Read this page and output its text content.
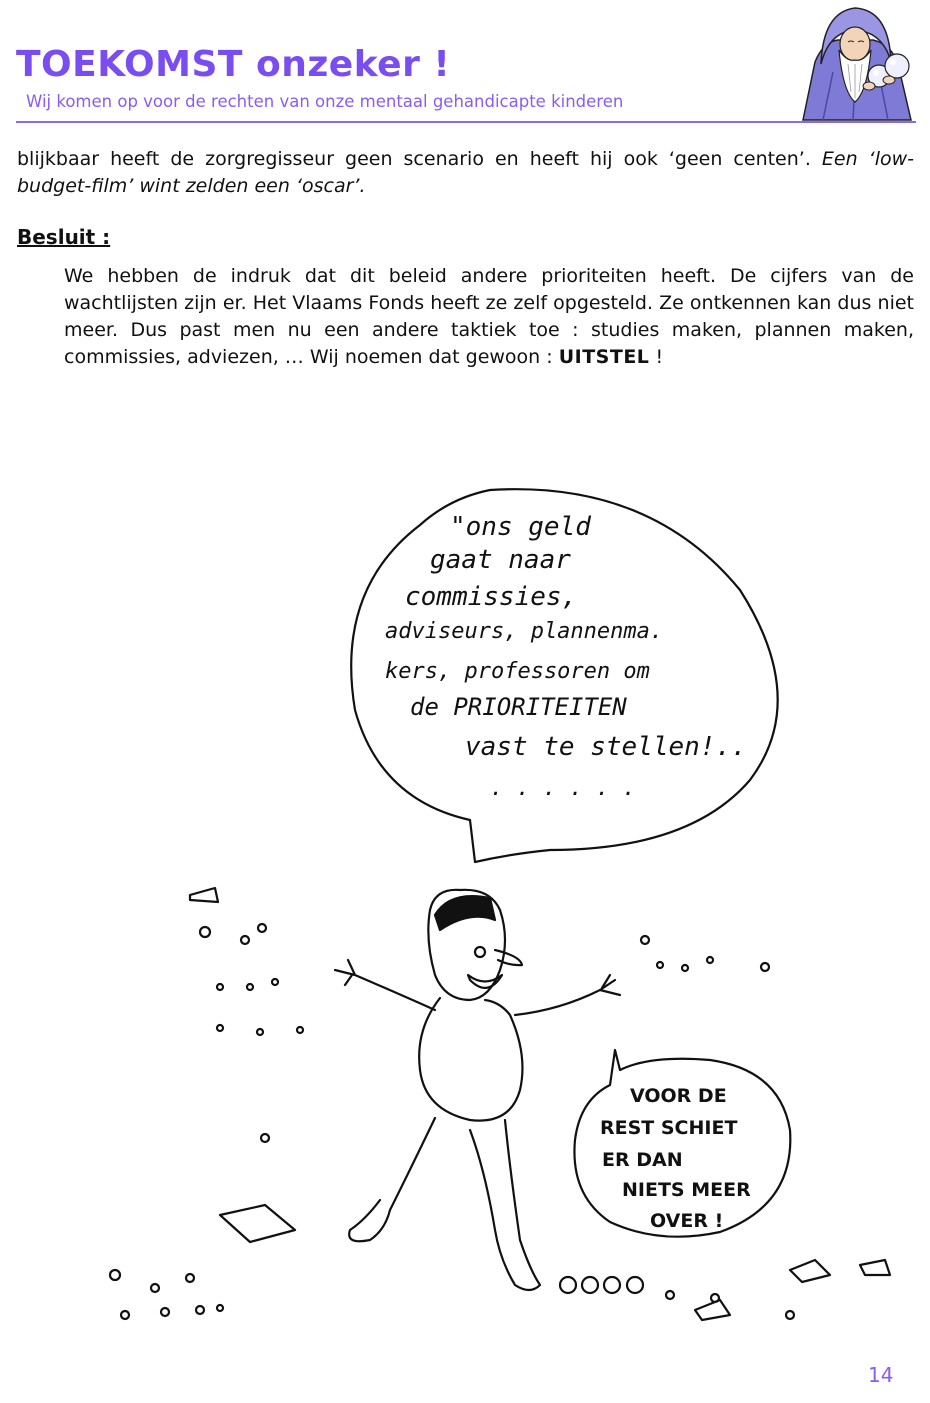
TOEKOMST onzeker !
Wij komen op voor de rechten van onze mentaal gehandicapte kinderen
blijkbaar heeft de zorgregisseur geen scenario en heeft hij ook ‘geen centen’. Een ‘low-budget-film’ wint zelden een ‘oscar’.
Besluit :
We hebben de indruk dat dit beleid andere prioriteiten heeft. De cijfers van de wachtlijsten zijn er. Het Vlaams Fonds heeft ze zelf opgesteld. Ze ontkennen kan dus niet meer. Dus past men nu een andere taktiek toe : studies maken, plannen maken, commissies, adviezen, … Wij noemen dat gewoon : UITSTEL !
"ons geld
gaat naar
commissies,
adviseurs, plannenma.
kers, professoren om
de PRIORITEITEN
vast te stellen!..
. . . . . .
VOOR DE
REST SCHIET
ER DAN
NIETS MEER
OVER !
14
